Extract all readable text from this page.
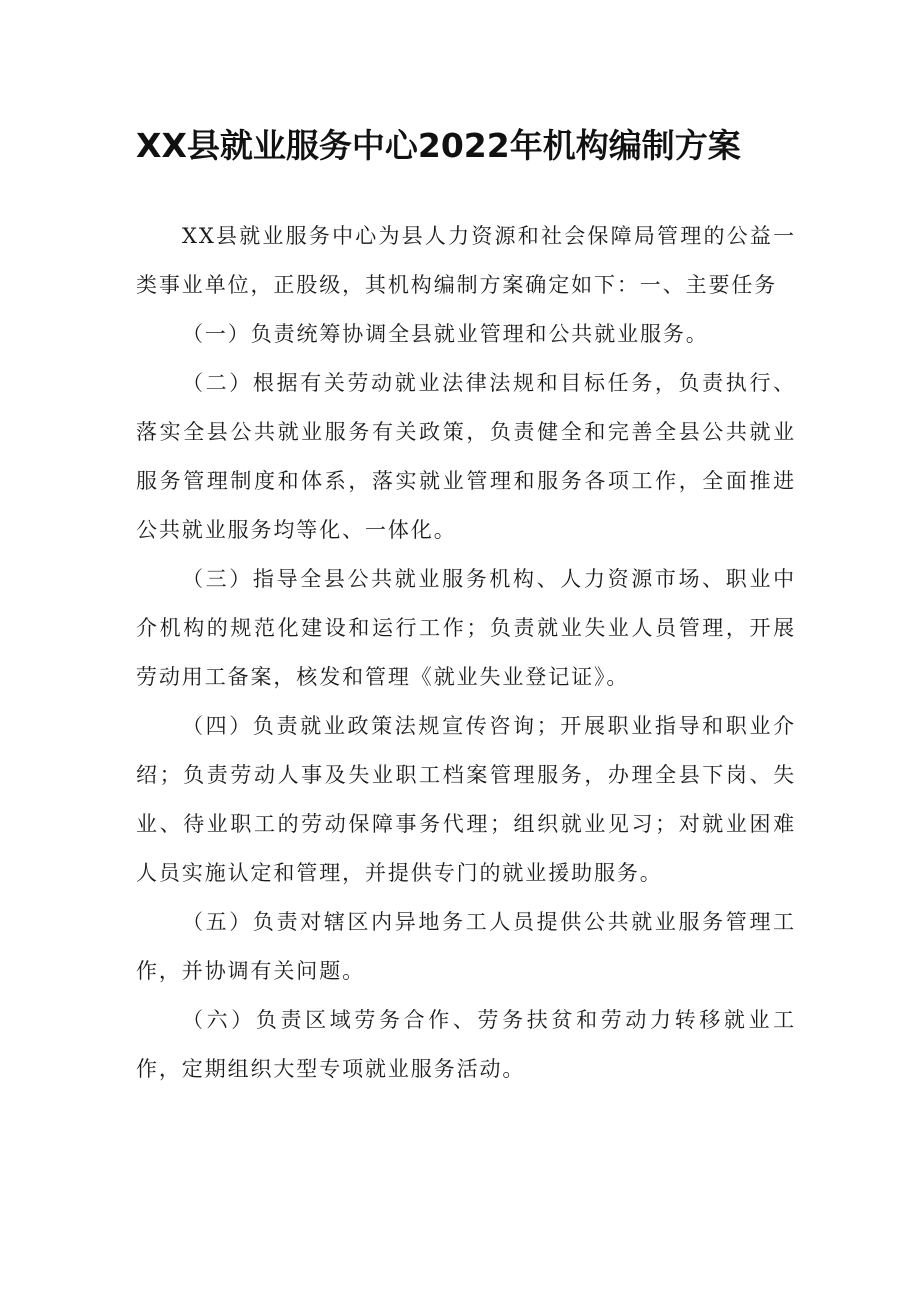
XX县就业服务中心2022年机构编制方案

XX县就业服务中心为县人力资源和社会保障局管理的公益一类事业单位，正股级，其机构编制方案确定如下：一、主要任务

（一）负责统筹协调全县就业管理和公共就业服务。

（二）根据有关劳动就业法律法规和目标任务，负责执行、落实全县公共就业服务有关政策，负责健全和完善全县公共就业服务管理制度和体系，落实就业管理和服务各项工作，全面推进公共就业服务均等化、一体化。

（三）指导全县公共就业服务机构、人力资源市场、职业中介机构的规范化建设和运行工作；负责就业失业人员管理，开展劳动用工备案，核发和管理《就业失业登记证》。

（四）负责就业政策法规宣传咨询；开展职业指导和职业介绍；负责劳动人事及失业职工档案管理服务，办理全县下岗、失业、待业职工的劳动保障事务代理；组织就业见习；对就业困难人员实施认定和管理，并提供专门的就业援助服务。

（五）负责对辖区内异地务工人员提供公共就业服务管理工作，并协调有关问题。

（六）负责区域劳务合作、劳务扶贫和劳动力转移就业工作，定期组织大型专项就业服务活动。
